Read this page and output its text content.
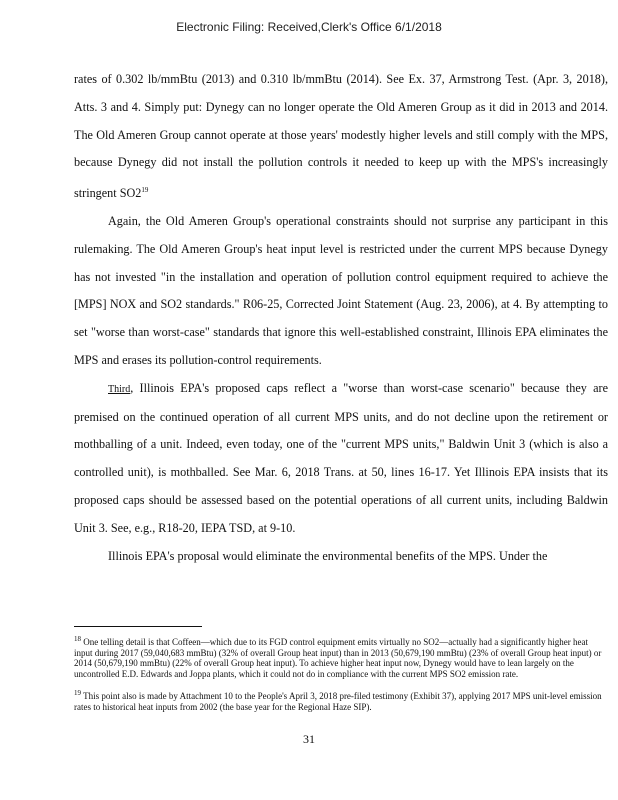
Electronic Filing: Received,Clerk's Office 6/1/2018

rates of 0.302 lb/mmBtu (2013) and 0.310 lb/mmBtu (2014). See Ex. 37, Armstrong Test. (Apr. 3, 2018), Atts. 3 and 4. Simply put: Dynegy can no longer operate the Old Ameren Group as it did in 2013 and 2014. The Old Ameren Group cannot operate at those years' modestly higher levels and still comply with the MPS, because Dynegy did not install the pollution controls it needed to keep up with the MPS's increasingly stringent $SO2^{19}$

Again, the Old Ameren Group's operational constraints should not surprise any participant in this rulemaking. The Old Ameren Group's heat input level is restricted under the current MPS because Dynegy has not invested "in the installation and operation of pollution control equipment required to achieve the [MPS] NOX and SO2 standards." R06-25, Corrected Joint Statement (Aug. 23, 2006), at 4. By attempting to set "worse than worst-case" standards that ignore this well-established constraint, Illinois EPA eliminates the MPS and erases its pollution-control requirements.

Third, Illinois EPA's proposed caps reflect a "worse than worst-case scenario" because they are premised on the continued operation of all current MPS units, and do not decline upon the retirement or mothballing of a unit. Indeed, even today, one of the "current MPS units," Baldwin Unit 3 (which is also a controlled unit), is mothballed. See Mar. 6, 2018 Trans. at 50, lines 16-17. Yet Illinois EPA insists that its proposed caps should be assessed based on the potential operations of all current units, including Baldwin Unit 3. See, e.g., R18-20, IEPA TSD, at 9-10.

Illinois EPA's proposal would eliminate the environmental benefits of the MPS. Under the

$^{18}$ One telling detail is that Coffeen—which due to its FGD control equipment emits virtually no SO2—actually had a significantly higher heat input during 2017 (59,040,683 mmBtu) (32% of overall Group heat input) than in 2013 (50,679,190 mmBtu) (23% of overall Group heat input) or 2014 (50,679,190 mmBtu) (22% of overall Group heat input). To achieve higher heat input now, Dynegy would have to lean largely on the uncontrolled E.D. Edwards and Joppa plants, which it could not do in compliance with the current MPS SO2 emission rate.

$^{19}$ This point also is made by Attachment 10 to the People's April 3, 2018 pre-filed testimony (Exhibit 37), applying 2017 MPS unit-level emission rates to historical heat inputs from 2002 (the base year for the Regional Haze SIP).

31
